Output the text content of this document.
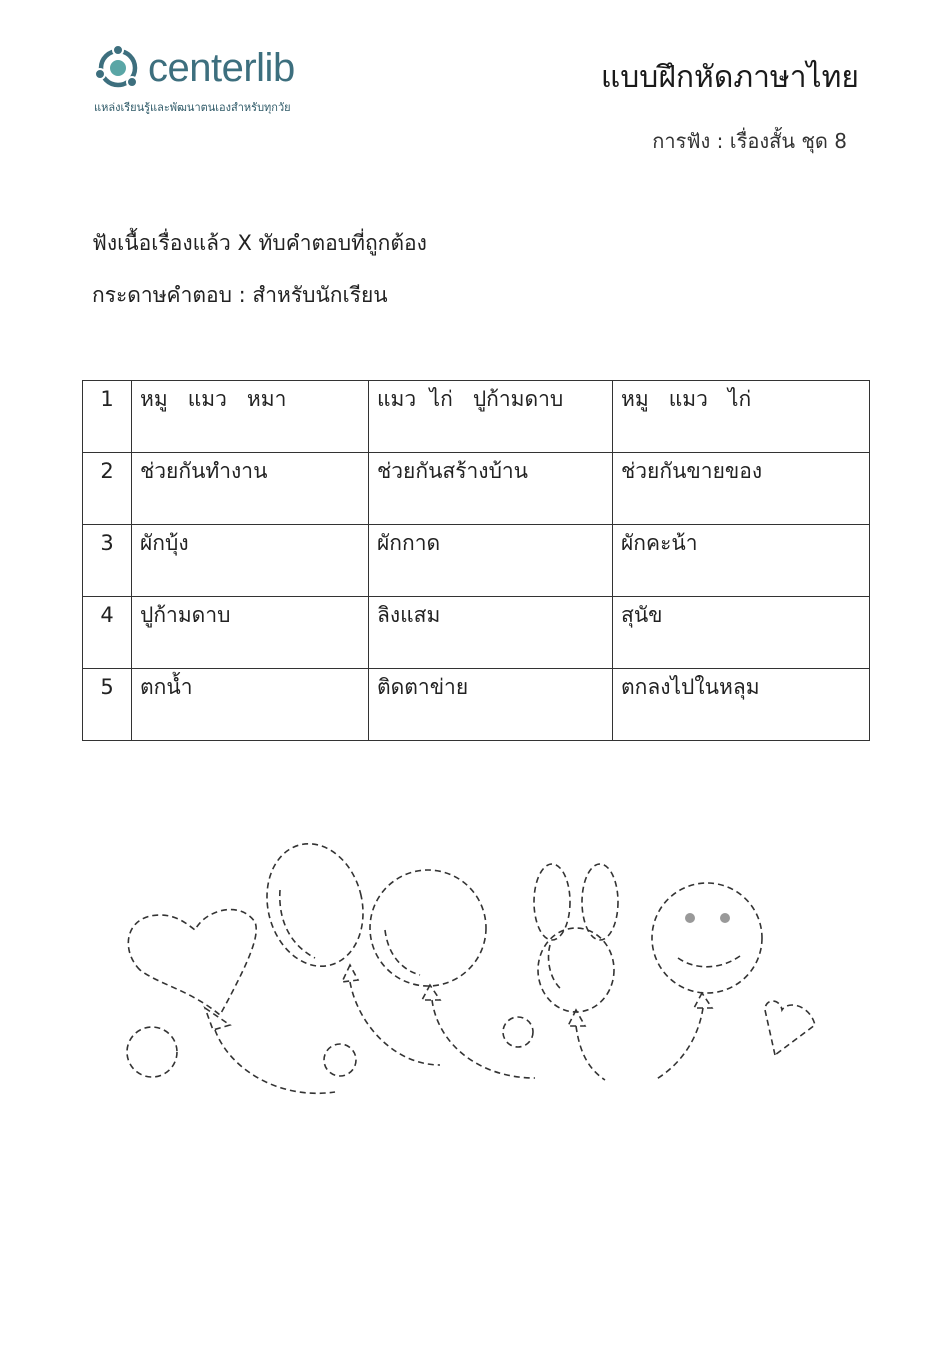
centerlib
แหล่งเรียนรู้และพัฒนาตนเองสำหรับทุกวัย
แบบฝึกหัดภาษาไทย
การฟัง : เรื่องสั้น ชุด 8
ฟังเนื้อเรื่องแล้ว X ทับคำตอบที่ถูกต้อง
กระดาษคำตอบ : สำหรับนักเรียน
1	หมู   แมว   หมา	แมว  ไก่   ปูก้ามดาบ	หมู   แมว   ไก่
2	ช่วยกันทำงาน	ช่วยกันสร้างบ้าน	ช่วยกันขายของ
3	ผักบุ้ง	ผักกาด	ผักคะน้า
4	ปูก้ามดาบ	ลิงแสม	สุนัข
5	ตกน้ำ	ติดตาข่าย	ตกลงไปในหลุม
